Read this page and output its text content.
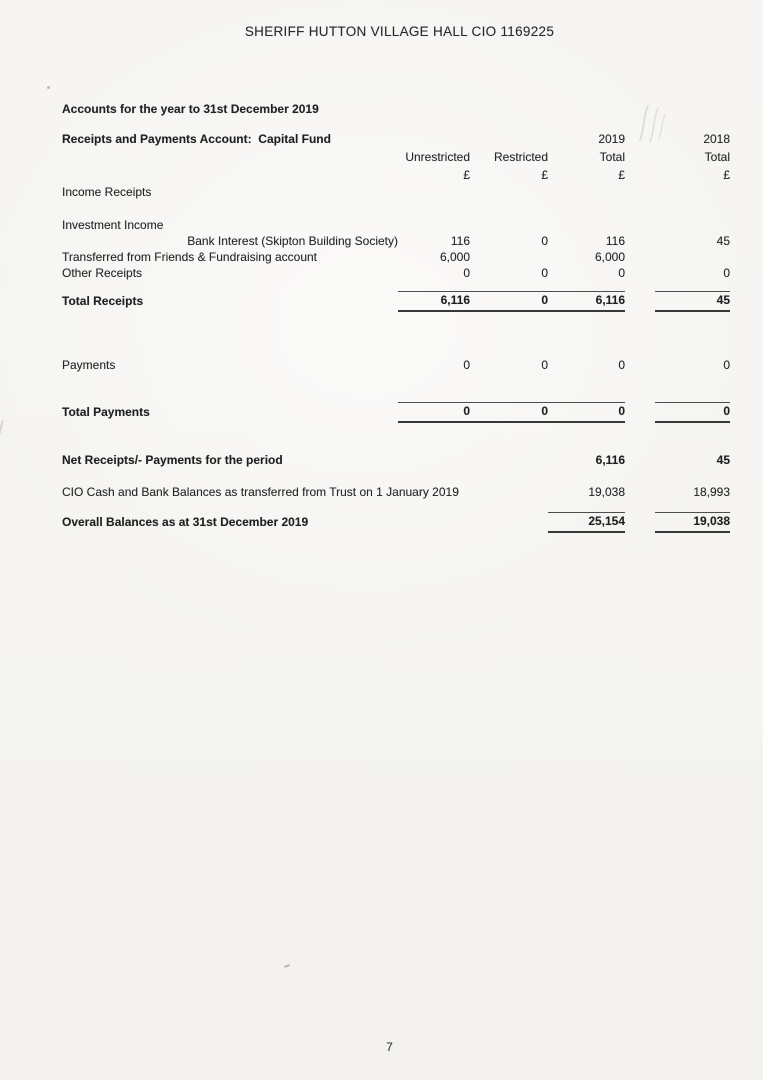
SHERIFF HUTTON VILLAGE HALL CIO 1169225
Accounts for the year to 31st December 2019
Receipts and Payments Account:  Capital Fund			2019		2018
	Unrestricted	Restricted	Total		Total
	£	£	£		£
Income Receipts					

Investment Income					
Bank Interest (Skipton Building Society)	116	0	116		45
Transferred from Friends & Fundraising account	6,000		6,000		
Other Receipts	0	0	0		0

Total Receipts	6,116	0	6,116		45

Payments	0	0	0		0

Total Payments	0	0	0		0

Net Receipts/- Payments for the period			6,116		45

CIO Cash and Bank Balances as transferred from Trust on 1 January 2019			19,038		18,993

Overall Balances as at 31st December 2019			25,154		19,038
7
